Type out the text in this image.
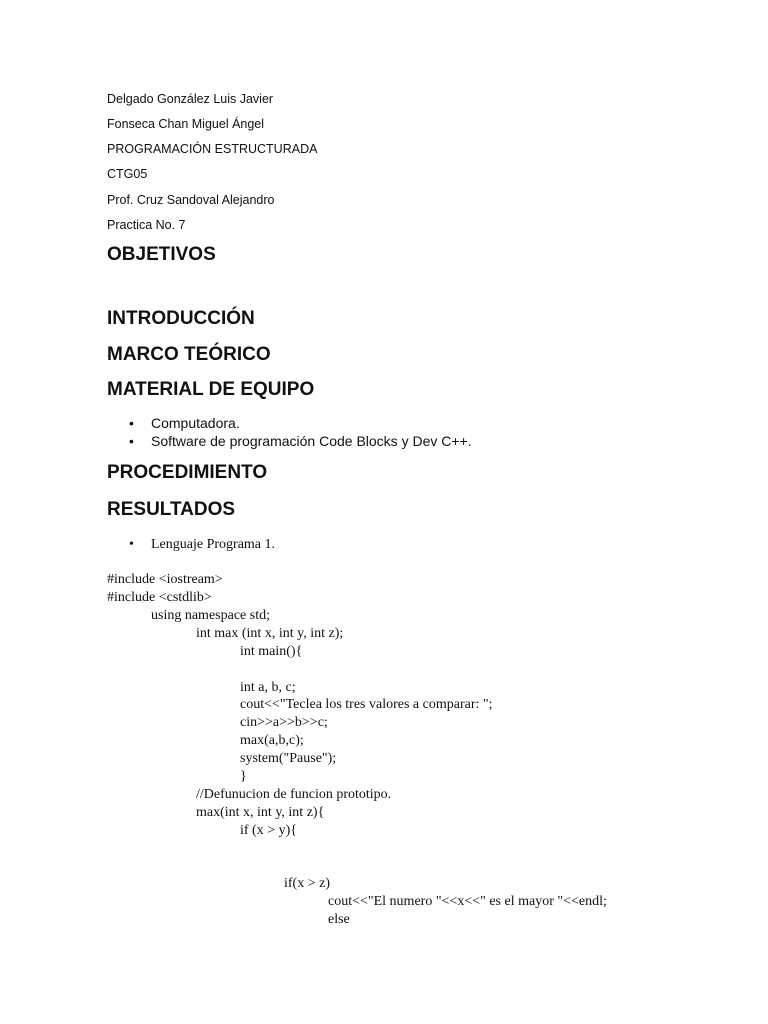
Delgado González Luis Javier
Fonseca Chan Miguel Ángel
PROGRAMACIÓN ESTRUCTURADA
CTG05
Prof. Cruz Sandoval Alejandro
Practica No. 7
OBJETIVOS
INTRODUCCIÓN
MARCO TEÓRICO
MATERIAL DE EQUIPO
• Computadora.
• Software de programación Code Blocks y Dev C++.
PROCEDIMIENTO
RESULTADOS
• Lenguaje Programa 1.
#include <iostream>
#include <cstdlib>
using namespace std;
int max (int x, int y, int z);
int main(){
int a, b, c;
cout<<"Teclea los tres valores a comparar: ";
cin>>a>>b>>c;
max(a,b,c);
system("Pause");
}
//Defunucion de funcion prototipo.
max(int x, int y, int z){
if (x > y){
if(x > z)
cout<<"El numero "<<x<<" es el mayor "<<endl;
else
